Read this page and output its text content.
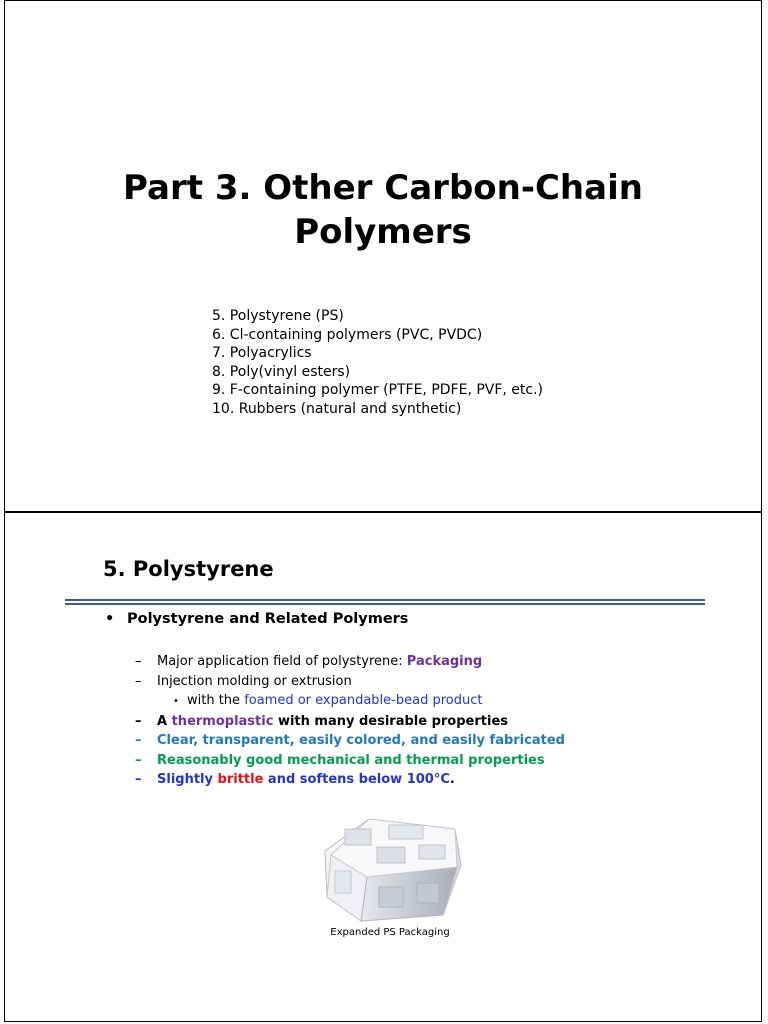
Part 3. Other Carbon-Chain
Polymers
5. Polystyrene (PS)
6. Cl-containing polymers (PVC, PVDC)
7. Polyacrylics
8. Poly(vinyl esters)
9. F-containing polymer (PTFE, PDFE, PVF, etc.)
10. Rubbers (natural and synthetic)
5. Polystyrene
• Polystyrene and Related Polymers
– Major application field of polystyrene: Packaging
– Injection molding or extrusion
• with the foamed or expandable-bead product
– A thermoplastic with many desirable properties
– Clear, transparent, easily colored, and easily fabricated
– Reasonably good mechanical and thermal properties
– Slightly brittle and softens below 100°C.
Expanded PS Packaging
